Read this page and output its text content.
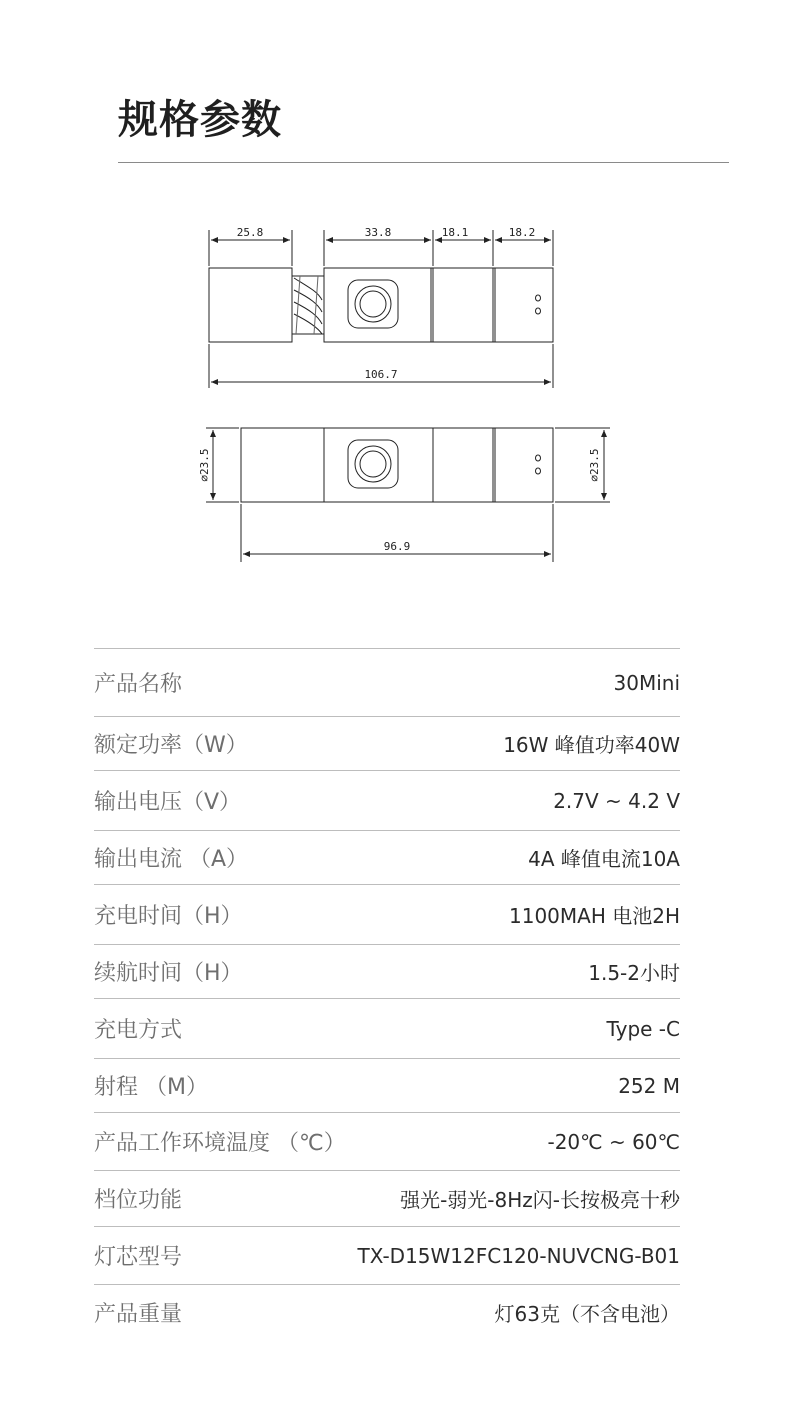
规格参数
25.8	33.8	18.1	18.2
106.7
96.9
∅23.5	∅23.5
产品名称	30Mini
额定功率（W）	16W 峰值功率40W
输出电压（V）	2.7V ~ 4.2 V
输出电流 （A）	4A 峰值电流10A
充电时间（H）	1100MAH 电池2H
续航时间（H）	1.5-2小时
充电方式	Type -C
射程 （M）	252 M
产品工作环境温度 （℃）	-20℃ ~ 60℃
档位功能	强光-弱光-8Hz闪-长按极亮十秒
灯芯型号	TX-D15W12FC120-NUVCNG-B01
产品重量	灯63克（不含电池）
